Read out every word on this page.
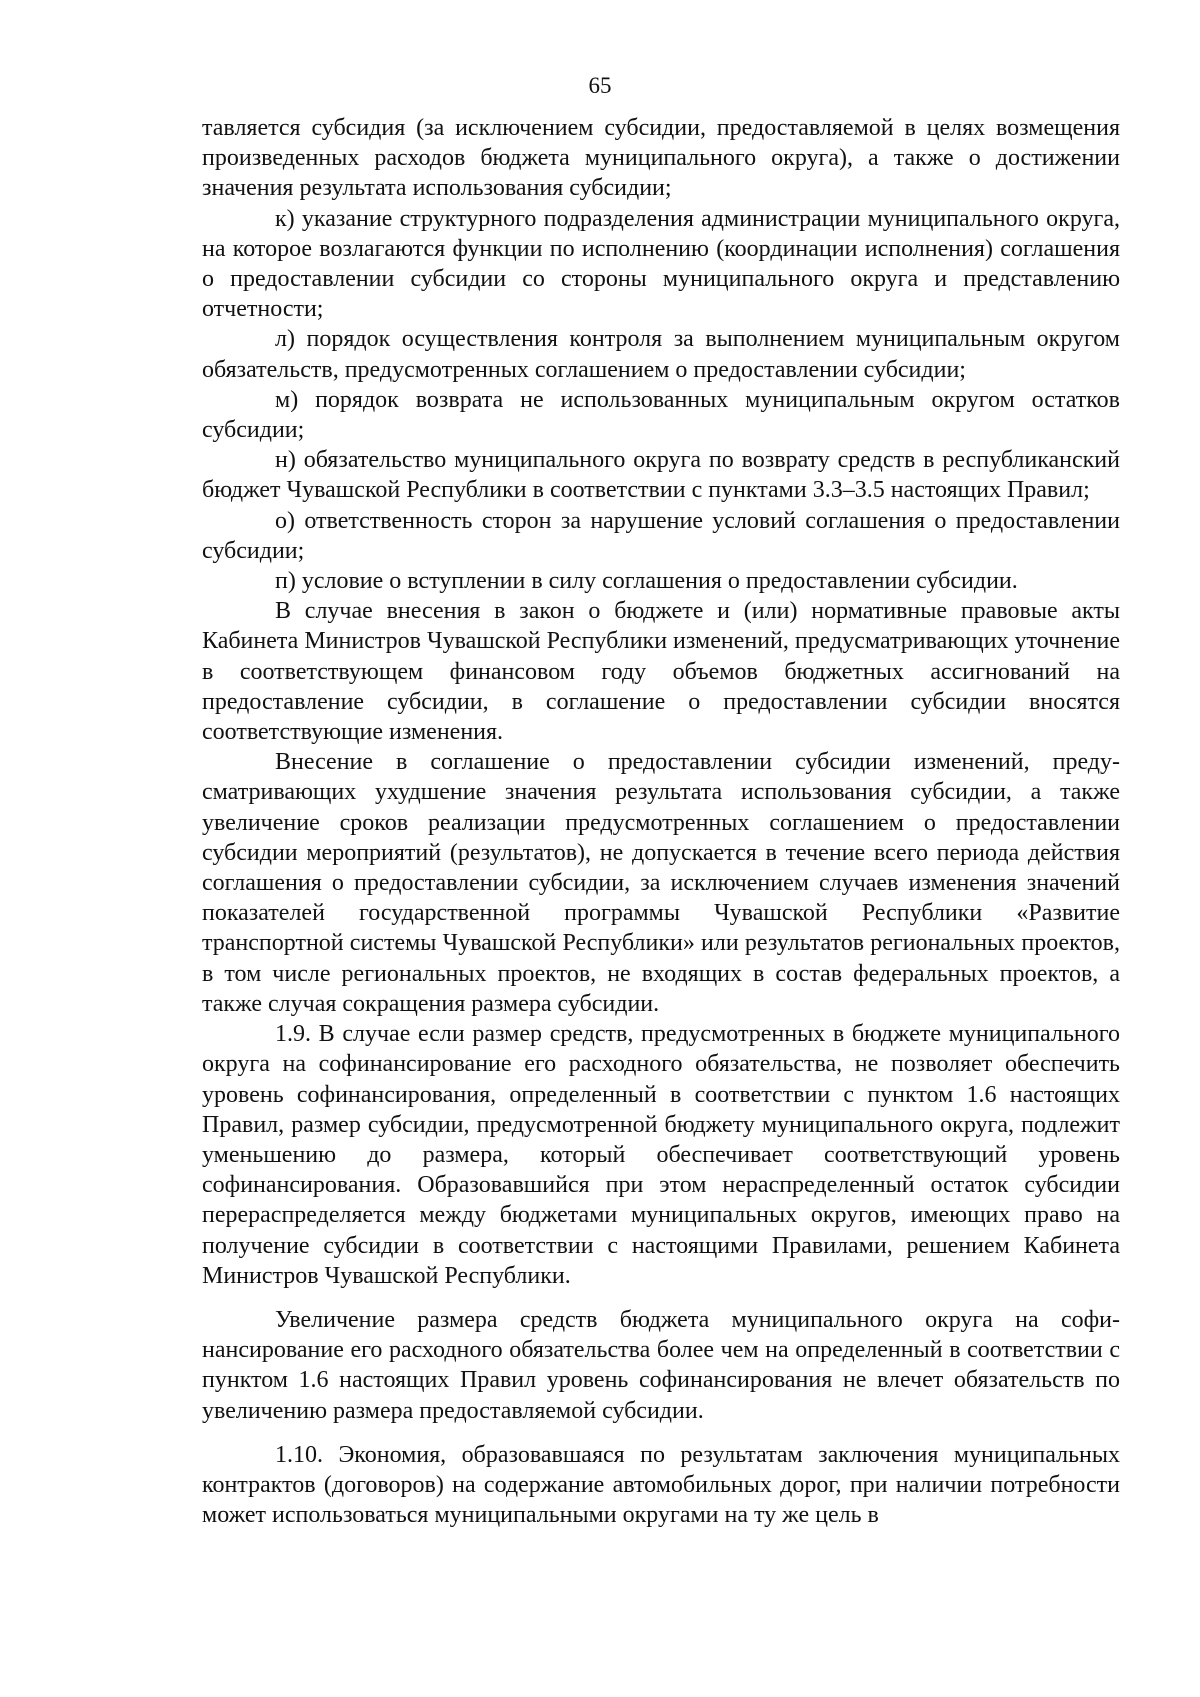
65

тавляется субсидия (за исключением субсидии, предоставляемой в целях возмещения произведенных расходов бюджета муниципального округа), а также о достижении значения результата использования субсидии;

к) указание структурного подразделения администрации муниципального округа, на которое возлагаются функции по исполнению (координации исполнения) соглашения о предоставлении субсидии со стороны муниципального округа и представлению отчетности;

л) порядок осуществления контроля за выполнением муниципальным округом обязательств, предусмотренных соглашением о предоставлении субсидии;

м) порядок возврата не использованных муниципальным округом остатков субсидии;

н) обязательство муниципального округа по возврату средств в республиканский бюджет Чувашской Республики в соответствии с пунктами 3.3–3.5 настоящих Правил;

о) ответственность сторон за нарушение условий соглашения о предоставлении субсидии;

п) условие о вступлении в силу соглашения о предоставлении субсидии.

В случае внесения в закон о бюджете и (или) нормативные правовые акты Кабинета Министров Чувашской Республики изменений, предусматривающих уточнение в соответствующем финансовом году объемов бюджетных ассигнований на предоставление субсидии, в соглашение о предоставлении субсидии вносятся соответствующие изменения.

Внесение в соглашение о предоставлении субсидии изменений, предусматривающих ухудшение значения результата использования субсидии, а также увеличение сроков реализации предусмотренных соглашением о предоставлении субсидии мероприятий (результатов), не допускается в течение всего периода действия соглашения о предоставлении субсидии, за исключением случаев изменения значений показателей государственной программы Чувашской Республики «Развитие транспортной системы Чувашской Республики» или результатов региональных проектов, в том числе региональных проектов, не входящих в состав федеральных проектов, а также случая сокращения размера субсидии.

1.9. В случае если размер средств, предусмотренных в бюджете муниципального округа на софинансирование его расходного обязательства, не позволяет обеспечить уровень софинансирования, определенный в соответствии с пунктом 1.6 настоящих Правил, размер субсидии, предусмотренной бюджету муниципального округа, подлежит уменьшению до размера, который обеспечивает соответствующий уровень софинансирования. Образовавшийся при этом нераспределенный остаток субсидии перераспределяется между бюджетами муниципальных округов, имеющих право на получение субсидии в соответствии с настоящими Правилами, решением Кабинета Министров Чувашской Республики.

Увеличение размера средств бюджета муниципального округа на софинансирование его расходного обязательства более чем на определенный в соответствии с пунктом 1.6 настоящих Правил уровень софинансирования не влечет обязательств по увеличению размера предоставляемой субсидии.

1.10. Экономия, образовавшаяся по результатам заключения муниципальных контрактов (договоров) на содержание автомобильных дорог, при наличии потребности может использоваться муниципальными округами на ту же цель в
